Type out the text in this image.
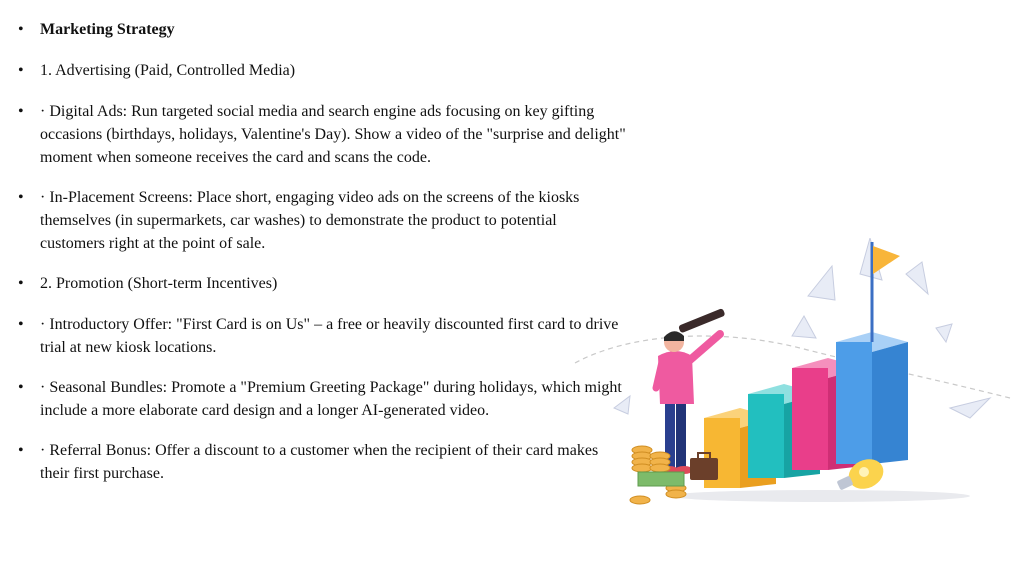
•	Marketing Strategy
•	1. Advertising (Paid, Controlled Media)
•	· Digital Ads: Run targeted social media and search engine ads focusing on key gifting occasions (birthdays, holidays, Valentine's Day). Show a video of the "surprise and delight" moment when someone receives the card and scans the code.
•	· In-Placement Screens: Place short, engaging video ads on the screens of the kiosks themselves (in supermarkets, car washes) to demonstrate the product to potential customers right at the point of sale.
•	2. Promotion (Short-term Incentives)
•	· Introductory Offer: "First Card is on Us" – a free or heavily discounted first card to drive trial at new kiosk locations.
•	· Seasonal Bundles: Promote a "Premium Greeting Package" during holidays, which might include a more elaborate card design and a longer AI-generated video.
•	· Referral Bonus: Offer a discount to a customer when the recipient of their card makes their first purchase.
